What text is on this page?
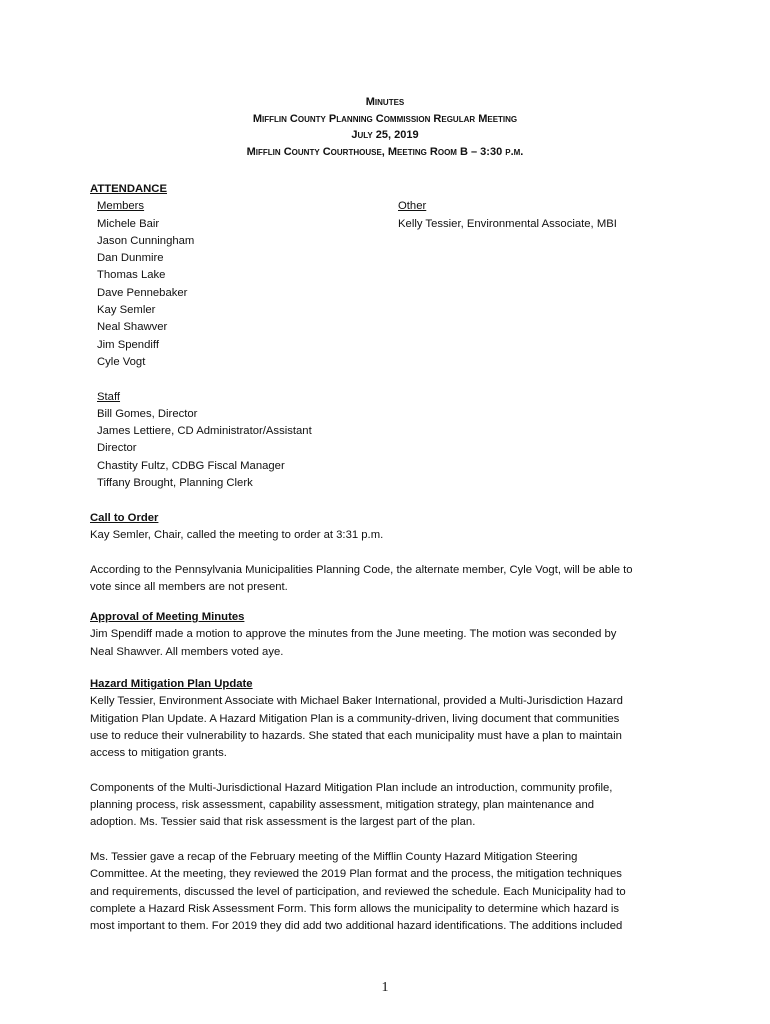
Minutes
Mifflin County Planning Commission Regular Meeting
July 25, 2019
Mifflin County Courthouse, Meeting Room B – 3:30 p.m.
ATTENDANCE
Members
Michele Bair
Jason Cunningham
Dan Dunmire
Thomas Lake
Dave Pennebaker
Kay Semler
Neal Shawver
Jim Spendiff
Cyle Vogt
Other
Kelly Tessier, Environmental Associate, MBI
Staff
Bill Gomes, Director
James Lettiere, CD Administrator/Assistant
Director
Chastity Fultz, CDBG Fiscal Manager
Tiffany Brought, Planning Clerk
Call to Order

Kay Semler, Chair, called the meeting to order at 3:31 p.m.

According to the Pennsylvania Municipalities Planning Code, the alternate member, Cyle Vogt, will be able to

vote since all members are not present.

Approval of Meeting Minutes

Jim Spendiff made a motion to approve the minutes from the June meeting. The motion was seconded by

Neal Shawver. All members voted aye.

Hazard Mitigation Plan Update

Kelly Tessier, Environment Associate with Michael Baker International, provided a Multi-Jurisdiction Hazard

Mitigation Plan Update. A Hazard Mitigation Plan is a community-driven, living document that communities

use to reduce their vulnerability to hazards. She stated that each municipality must have a plan to maintain

access to mitigation grants.

Components of the Multi-Jurisdictional Hazard Mitigation Plan include an introduction, community profile,

planning process, risk assessment, capability assessment, mitigation strategy, plan maintenance and

adoption. Ms. Tessier said that risk assessment is the largest part of the plan.

Ms. Tessier gave a recap of the February meeting of the Mifflin County Hazard Mitigation Steering

Committee. At the meeting, they reviewed the 2019 Plan format and the process, the mitigation techniques

and requirements, discussed the level of participation, and reviewed the schedule. Each Municipality had to

complete a Hazard Risk Assessment Form. This form allows the municipality to determine which hazard is

most important to them. For 2019 they did add two additional hazard identifications. The additions included

1
